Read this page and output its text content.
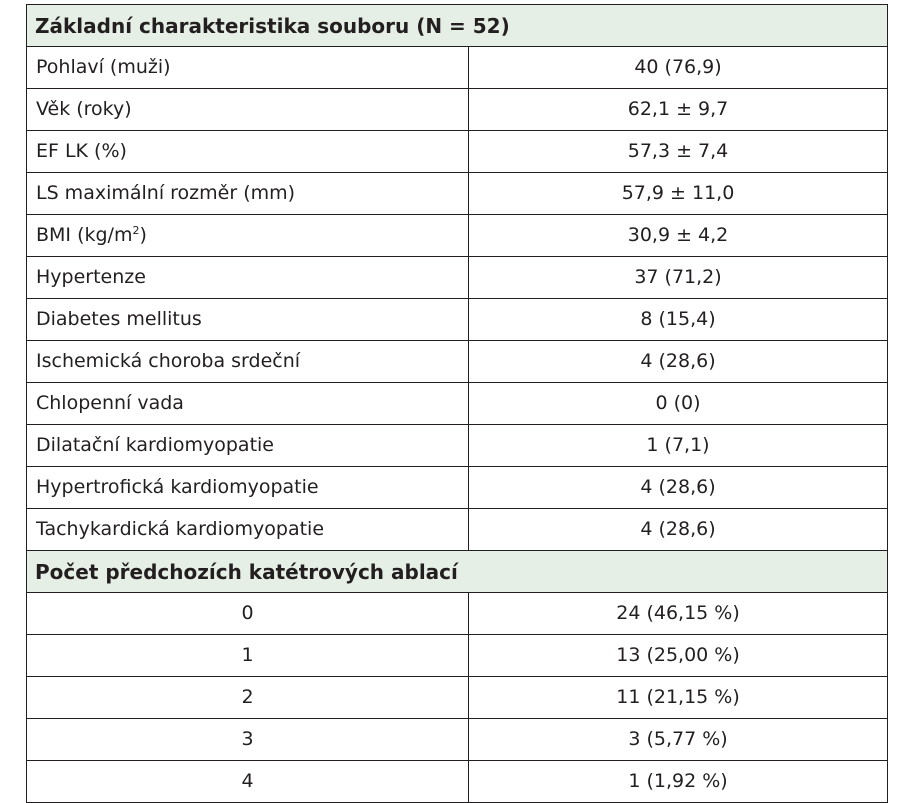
Základní charakteristika souboru (N = 52)	
Pohlaví (muži)	40 (76,9)
Věk (roky)	62,1 ± 9,7
EF LK (%)	57,3 ± 7,4
LS maximální rozměr (mm)	57,9 ± 11,0
BMI $(kg/m^2)$	30,9 ± 4,2
Hypertenze	37 (71,2)
Diabetes mellitus	8 (15,4)
Ischemická choroba srdeční	4 (28,6)
Chlopenní vada	0 (0)
Dilatační kardiomyopatie	1 (7,1)
Hypertrofická kardiomyopatie	4 (28,6)
Tachykardická kardiomyopatie	4 (28,6)
Počet předchozích katétrových ablací	
0	24 (46,15 %)
1	13 (25,00 %)
2	11 (21,15 %)
3	3 (5,77 %)
4	1 (1,92 %)
